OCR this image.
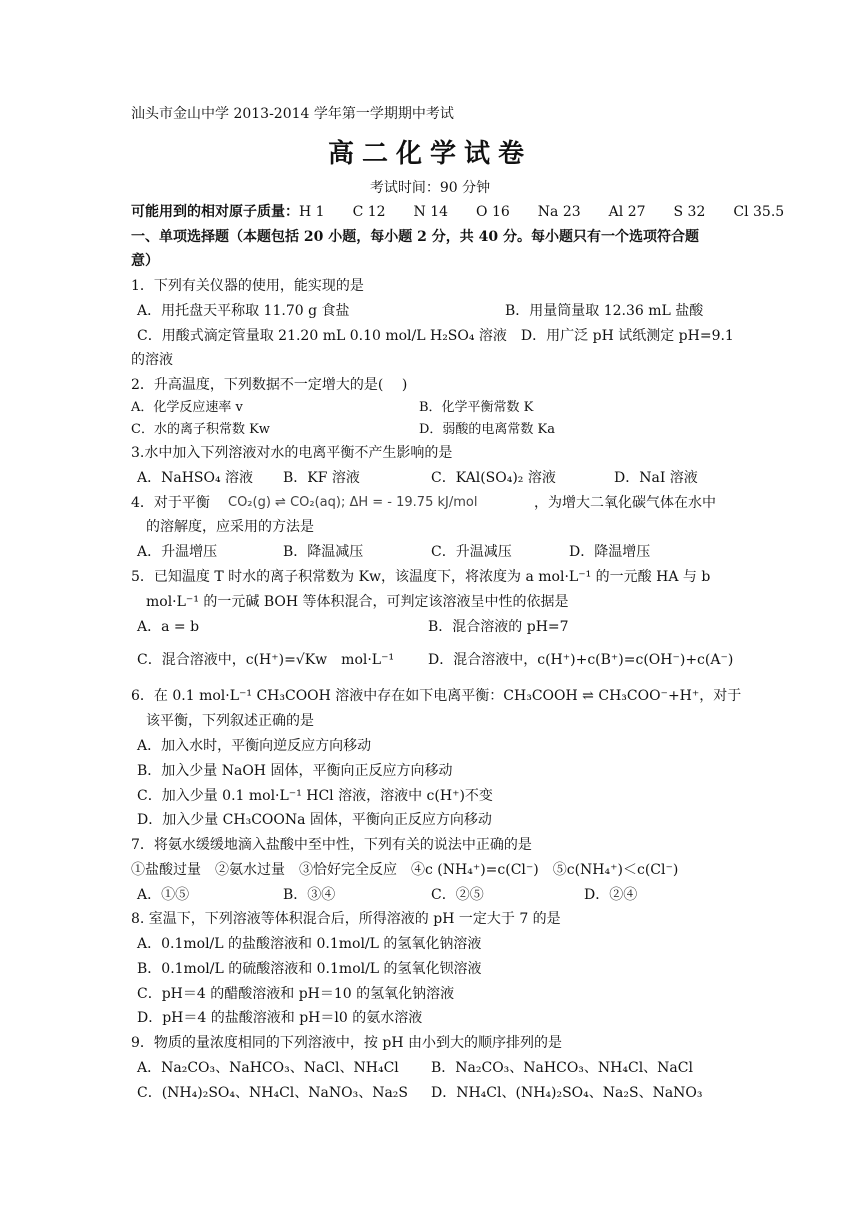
汕头市金山中学 2013-2014 学年第一学期期中考试
高二化学试卷
考试时间：90 分钟
可能用到的相对原子质量：H 1　　C 12　　N 14　　O 16　　Na 23　　Al 27　　S 32　　Cl 35.5
一、单项选择题（本题包括 20 小题，每小题 2 分，共 40 分。每小题只有一个选项符合题
意）
1．下列有关仪器的使用，能实现的是
A．用托盘天平称取 11.70 g 食盐	B．用量筒量取 12.36 mL 盐酸
C．用酸式滴定管量取 21.20 mL 0.10 mol/L H₂SO₄ 溶液　D．用广泛 pH 试纸测定 pH=9.1
的溶液
2．升高温度，下列数据不一定增大的是(　 )
A．化学反应速率 v	B．化学平衡常数 K
C．水的离子积常数 Kw	D．弱酸的电离常数 Ka
3.水中加入下列溶液对水的电离平衡不产生影响的是
A．NaHSO₄ 溶液 B．KF 溶液	C．KAl(SO₄)₂ 溶液	D．NaI 溶液
4．对于平衡 CO₂(g) ⇌ CO₂(aq); ΔH = - 19.75 kJ/mol	，为增大二氧化碳气体在水中
的溶解度，应采用的方法是
A．升温增压	B．降温减压	C．升温减压	D．降温增压
5．已知温度 T 时水的离子积常数为 Kw，该温度下，将浓度为 a mol·L⁻¹ 的一元酸 HA 与 b
mol·L⁻¹ 的一元碱 BOH 等体积混合，可判定该溶液呈中性的依据是
A．a = b	B．混合溶液的 pH=7
C．混合溶液中，c(H⁺)=√Kw　mol·L⁻¹ D．混合溶液中，c(H⁺)+c(B⁺)=c(OH⁻)+c(A⁻)
6．在 0.1 mol·L⁻¹ CH₃COOH 溶液中存在如下电离平衡：CH₃COOH ⇌ CH₃COO⁻+H⁺，对于
该平衡，下列叙述正确的是
A．加入水时，平衡向逆反应方向移动
B．加入少量 NaOH 固体，平衡向正反应方向移动
C．加入少量 0.1 mol·L⁻¹ HCl 溶液，溶液中 c(H⁺)不变
D．加入少量 CH₃COONa 固体，平衡向正反应方向移动
7．将氨水缓缓地滴入盐酸中至中性，下列有关的说法中正确的是
①盐酸过量　②氨水过量　③恰好完全反应　④c (NH₄⁺)=c(Cl⁻)　⑤c(NH₄⁺)＜c(Cl⁻)
A．①⑤	B．③④	C．②⑤	D．②④
8. 室温下，下列溶液等体积混合后，所得溶液的 pH 一定大于 7 的是
A．0.1mol/L 的盐酸溶液和 0.1mol/L 的氢氧化钠溶液
B．0.1mol/L 的硫酸溶液和 0.1mol/L 的氢氧化钡溶液
C．pH＝4 的醋酸溶液和 pH＝10 的氢氧化钠溶液
D．pH＝4 的盐酸溶液和 pH＝l0 的氨水溶液
9．物质的量浓度相同的下列溶液中，按 pH 由小到大的顺序排列的是
A．Na₂CO₃、NaHCO₃、NaCl、NH₄Cl B．Na₂CO₃、NaHCO₃、NH₄Cl、NaCl
C．(NH₄)₂SO₄、NH₄Cl、NaNO₃、Na₂S D．NH₄Cl、(NH₄)₂SO₄、Na₂S、NaNO₃
